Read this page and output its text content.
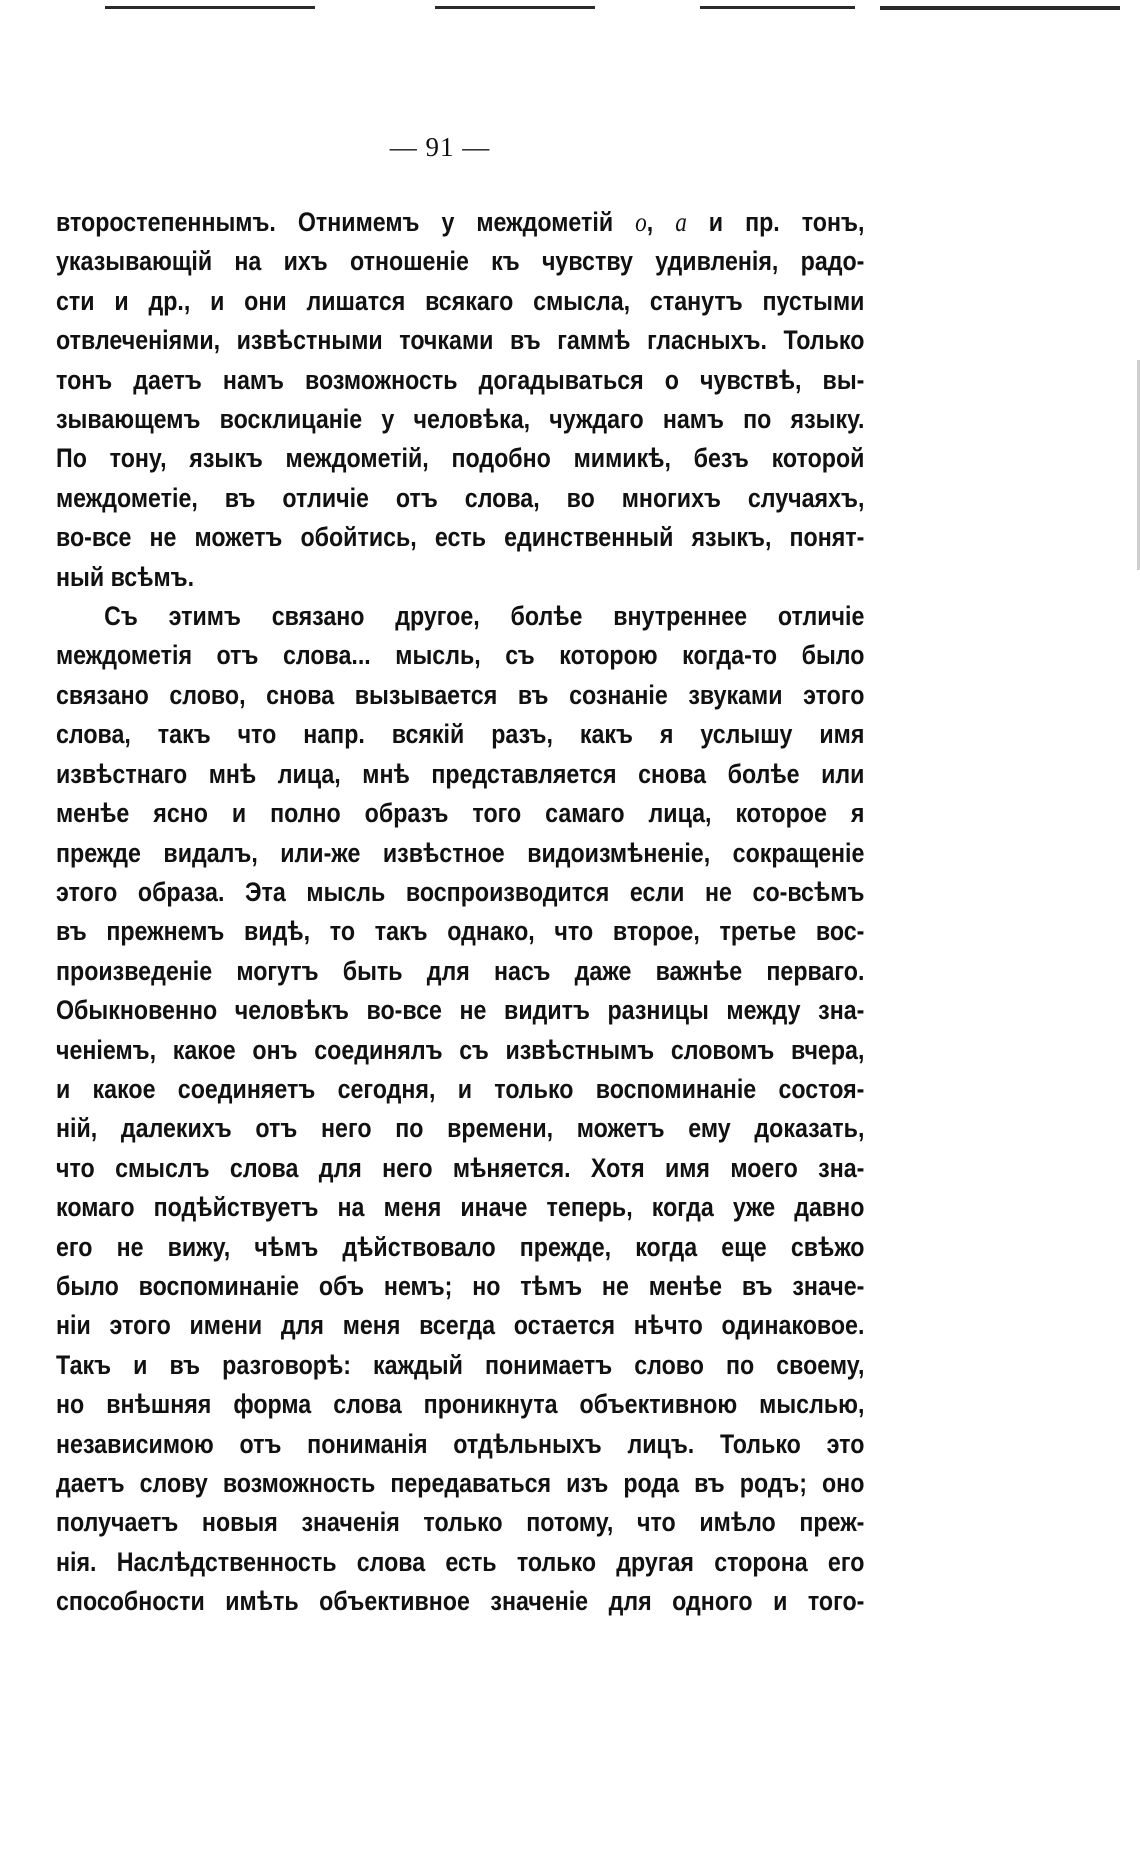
— 91 —
второстепеннымъ. Отнимемъ у междометій о, а и пр. тонъ,
указывающій на ихъ отношеніе къ чувству удивленія, радо-
сти и др., и они лишатся всякаго смысла, станутъ пустыми
отвлеченіями, извѣстными точками въ гаммѣ гласныхъ. Только
тонъ даетъ намъ возможность догадываться о чувствѣ, вы-
зывающемъ восклицаніе у человѣка, чуждаго намъ по языку.
По тону, языкъ междометій, подобно мимикѣ, безъ которой
междометіе, въ отличіе отъ слова, во многихъ случаяхъ,
во-все не можетъ обойтись, есть единственный языкъ, понят-
ный всѣмъ.
Съ этимъ связано другое, болѣе внутреннее отличіе
междометія отъ слова... мысль, съ которою когда-то было
связано слово, снова вызывается въ сознаніе звуками этого
слова, такъ что напр. всякій разъ, какъ я услышу имя
извѣстнаго мнѣ лица, мнѣ представляется снова болѣе или
менѣе ясно и полно образъ того самаго лица, которое я
прежде видалъ, или-же извѣстное видоизмѣненіе, сокращеніе
этого образа. Эта мысль воспроизводится если не со-всѣмъ
въ прежнемъ видѣ, то такъ однако, что второе, третье вос-
произведеніе могутъ быть для насъ даже важнѣе перваго.
Обыкновенно человѣкъ во-все не видитъ разницы между зна-
ченіемъ, какое онъ соединялъ съ извѣстнымъ словомъ вчера,
и какое соединяетъ сегодня, и только воспоминаніе состоя-
ній, далекихъ отъ него по времени, можетъ ему доказать,
что смыслъ слова для него мѣняется. Хотя имя моего зна-
комаго подѣйствуетъ на меня иначе теперь, когда уже давно
его не вижу, чѣмъ дѣйствовало прежде, когда еще свѣжо
было воспоминаніе объ немъ; но тѣмъ не менѣе въ значе-
ніи этого имени для меня всегда остается нѣчто одинаковое.
Такъ и въ разговорѣ: каждый понимаетъ слово по своему,
но внѣшняя форма слова проникнута объективною мыслью,
независимою отъ пониманія отдѣльныхъ лицъ. Только это
даетъ слову возможность передаваться изъ рода въ родъ; оно
получаетъ новыя значенія только потому, что имѣло преж-
нія. Наслѣдственность слова есть только другая сторона его
способности имѣть объективное значеніе для одного и того-
